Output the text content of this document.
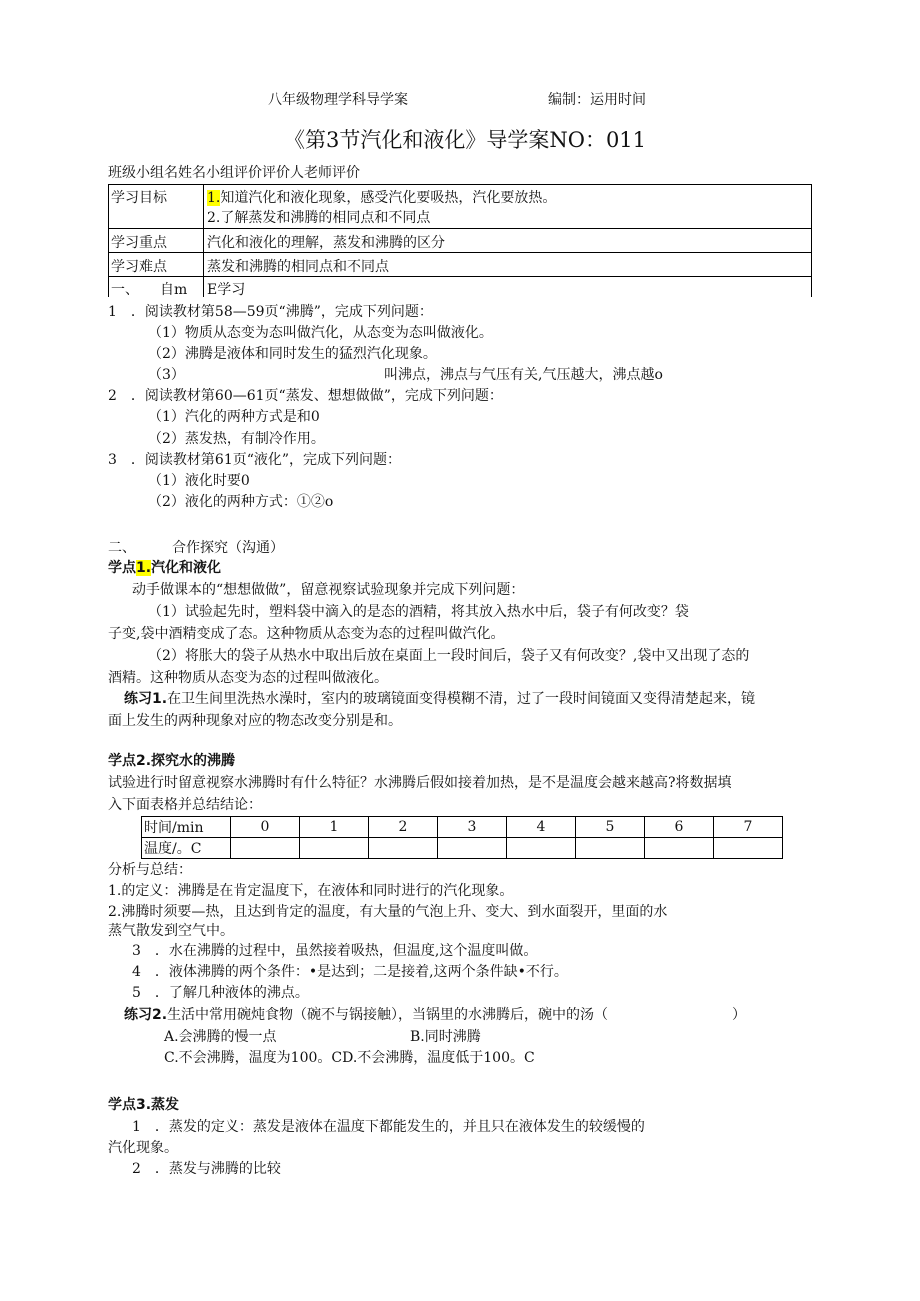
八年级物理学科导学案	编制：运用时间
《第3节汽化和液化》导学案NO：011
班级小组名姓名小组评价评价人老师评价
学习目标	1.知道汽化和液化现象，感受汽化要吸热，汽化要放热。
2.了解蒸发和沸腾的相同点和不同点
学习重点	汽化和液化的理解，蒸发和沸腾的区分
学习难点	蒸发和沸腾的相同点和不同点
一、　　自m E学习
1　．阅读教材第58—59页“沸腾”，完成下列问题：
（1）物质从态变为态叫做汽化，从态变为态叫做液化。
（2）沸腾是液体和同时发生的猛烈汽化现象。
（3）	叫沸点，沸点与气压有关,气压越大，沸点越o
2　．阅读教材第60—61页“蒸发、想想做做”，完成下列问题：
（1）汽化的两种方式是和0
（2）蒸发热，有制冷作用。
3　．阅读教材第61页“液化”，完成下列问题：
（1）液化时要0
（2）液化的两种方式：①②o
二、	合作探究（沟通）
学点1.汽化和液化
动手做课本的“想想做做”，留意视察试验现象并完成下列问题：
（1）试验起先时，塑料袋中滴入的是态的酒精，将其放入热水中后，袋子有何改变？袋
子变,袋中酒精变成了态。这种物质从态变为态的过程叫做汽化。
（2）将胀大的袋子从热水中取出后放在桌面上一段时间后，袋子又有何改变？,袋中又出现了态的
酒精。这种物质从态变为态的过程叫做液化。
练习1.在卫生间里洗热水澡时，室内的玻璃镜面变得模糊不清，过了一段时间镜面又变得清楚起来，镜
面上发生的两种现象对应的物态改变分别是和。
学点2.探究水的沸腾
试验进行时留意视察水沸腾时有什么特征？水沸腾后假如接着加热，是不是温度会越来越高?将数据填
入下面表格并总结结论：
时间/min	0	1	2	3	4	5	6	7
温度/。C								
分析与总结：
1.的定义：沸腾是在肯定温度下，在液体和同时进行的汽化现象。
2.沸腾时须要—热，且达到肯定的温度，有大量的气泡上升、变大、到水面裂开，里面的水
蒸气散发到空气中。
3　．水在沸腾的过程中，虽然接着吸热，但温度,这个温度叫做。
4　．液体沸腾的两个条件：•是达到；二是接着,这两个条件缺•不行。
5　．了解几种液体的沸点。
练习2.生活中常用碗炖食物（碗不与锅接触），当锅里的水沸腾后，碗中的汤（	）
A.会沸腾的慢一点	B.同时沸腾
C.不会沸腾，温度为100。CD.不会沸腾，温度低于100。C
学点3.蒸发
1　．蒸发的定义：蒸发是液体在温度下都能发生的，并且只在液体发生的较缓慢的
汽化现象。
2　．蒸发与沸腾的比较
